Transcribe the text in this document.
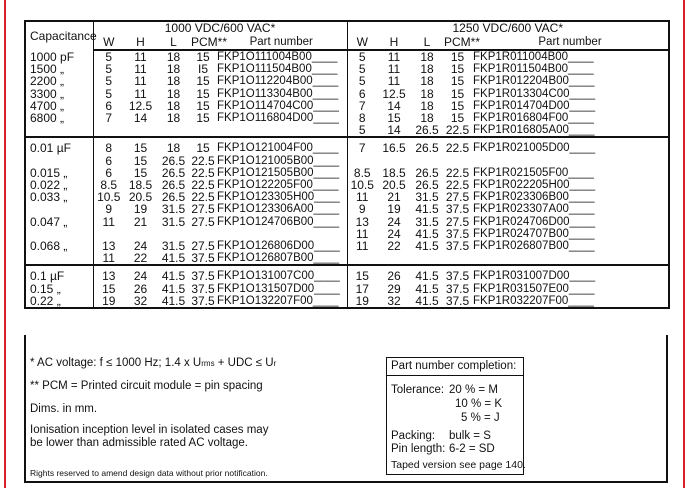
Capacitance	1000 VDC/600 VAC*					1250 VDC/600 VAC*				
	W	H	L	PCM**	Part number	W	H	L	PCM**	Part number
1000 pF	5	11	18	15	FKP1O111004B00____	5	11	18	15	FKP1R011004B00____
1500 „	5	11	18	I5	FKP1O111504B00____	5	11	18	15	FKP1R011504B00____
2200 „	5	11	18	15	FKP1O112204B00____	5	11	18	15	FKP1R012204B00____
3300 „	5	11	18	15	FKP1O113304B00____	6	12.5	18	15	FKP1R013304C00____
4700 „	6	12.5	18	15	FKP1O114704C00____	7	14	18	15	FKP1R014704D00____
6800 „	7	14	18	15	FKP1O116804D00____	8	15	18	15	FKP1R016804F00____
						5	14	26.5	22.5	FKP1R016805A00____

0.01 µF	8	15	18	15	FKP1O121004F00____	7	16.5	26.5	22.5	FKP1R021005D00____
	6	15	26.5	22.5	FKP1O121005B00____					
0.015 „	6	15	26.5	22.5	FKP1O121505B00____	8.5	18.5	26.5	22.5	FKP1R021505F00____
0.022 „	8.5	18.5	26.5	22.5	FKP1O122205F00____	10.5	20.5	26.5	22.5	FKP1R022205H00____
0.033 „	10.5	20.5	26.5	22.5	FKP1O123305H00____	11	21	31.5	27.5	FKP1R023306B00____
	9	19	31.5	27.5	FKP1O123306A00____	9	19	41.5	37.5	FKP1R023307A00____
0.047 „	11	21	31.5	27.5	FKP1O124706B00____	13	24	31.5	27.5	FKP1R024706D00____
						11	24	41.5	37.5	FKP1R024707B00____
0.068 „	13	24	31.5	27.5	FKP1O126806D00____	11	22	41.5	37.5	FKP1R026807B00____
	11	22	41.5	37.5	FKP1O126807B00____					

0.1 µF	13	24	41.5	37.5	FKP1O131007C00____	15	26	41.5	37.5	FKP1R031007D00____
0.15 „	15	26	41.5	37.5	FKP1O131507D00____	17	29	41.5	37.5	FKP1R031507E00____
0.22 „	19	32	41.5	37.5	FKP1O132207F00____	19	32	41.5	37.5	FKP1R032207F00____
* AC voltage: f ≤ 1000 Hz; 1.4 x Urms + UDC ≤ Ur
** PCM = Printed circuit module = pin spacing
Dims. in mm.
Ionisation inception level in isolated cases may
be lower than admissible rated AC voltage.
Rights reserved to amend design data without prior notification.
Part number completion:
Tolerance: 20 % = M
10 % = K
5 % = J
Packing: bulk = S
Pin length: 6-2 = SD
Taped version see page 140.
